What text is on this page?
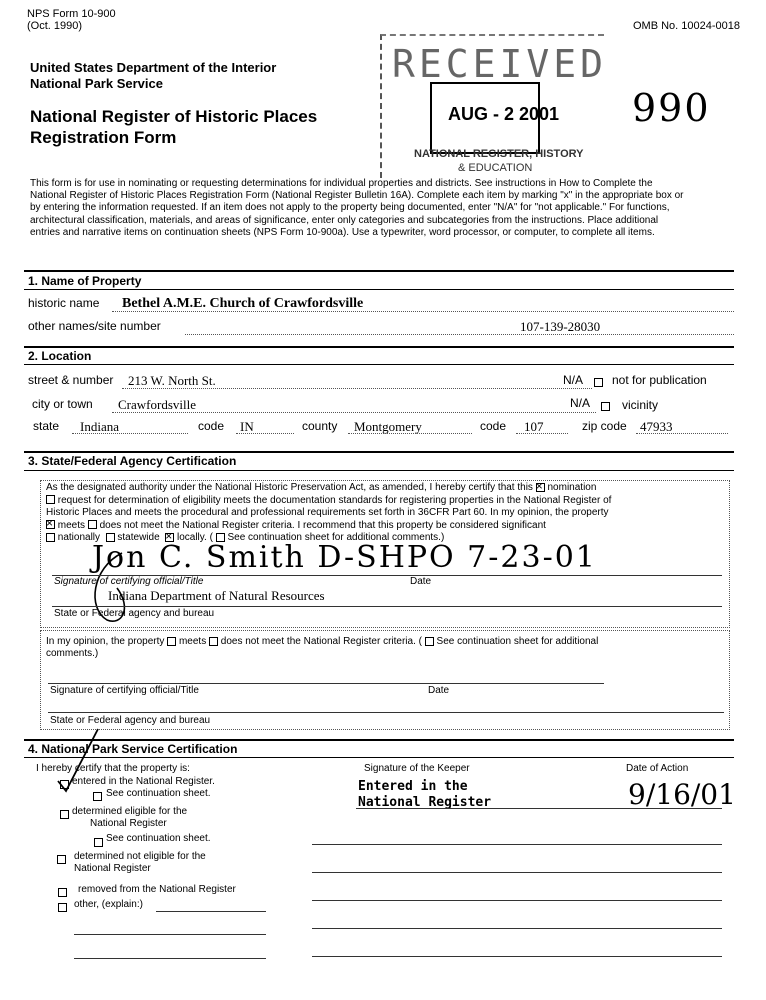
NPS Form 10-900
(Oct. 1990)	OMB No. 10024-0018
United States Department of the Interior
National Park Service
National Register of Historic Places
Registration Form
RECEIVED
AUG - 2 2001
NATIONAL REGISTER, HISTORY
& EDUCATION
990
This form is for use in nominating or requesting determinations for individual properties and districts. See instructions in How to Complete the
National Register of Historic Places Registration Form (National Register Bulletin 16A). Complete each item by marking "x" in the appropriate box or
by entering the information requested. If an item does not apply to the property being documented, enter "N/A" for "not applicable." For functions,
architectural classification, materials, and areas of significance, enter only categories and subcategories from the instructions. Place additional
entries and narrative items on continuation sheets (NPS Form 10-900a). Use a typewriter, word processor, or computer, to complete all items.
1. Name of Property
historic name Bethel A.M.E. Church of Crawfordsville
other names/site number	107-139-28030
2. Location
street & number 213 W. North St.	N/A not for publication
city or town Crawfordsville	N/A	vicinity
state Indiana	code IN	county Montgomery	code 107	zip code 47933
3. State/Federal Agency Certification
As the designated authority under the National Historic Preservation Act, as amended, I hereby certify that this × nomination
request for determination of eligibility meets the documentation standards for registering properties in the National Register of
Historic Places and meets the procedural and professional requirements set forth in 36CFR Part 60. In my opinion, the property
× meets does not meet the National Register criteria. I recommend that this property be considered significant
nationally statewide × locally. ( See continuation sheet for additional comments.)
Jon C. Smith D-SHPO 7-23-01
Signature of certifying official/Title	Date
Indiana Department of Natural Resources
State or Federal agency and bureau
In my opinion, the property meets does not meet the National Register criteria. ( See continuation sheet for additional
comments.)
Signature of certifying official/Title	Date
State or Federal agency and bureau
4. National Park Service Certification
I hereby certify that the property is:
entered in the National Register.
See continuation sheet.
determined eligible for the
National Register
See continuation sheet.
determined not eligible for the
National Register
removed from the National Register
other, (explain:)
Signature of the Keeper	Date of Action
Entered in the
National Register	9/16/01
